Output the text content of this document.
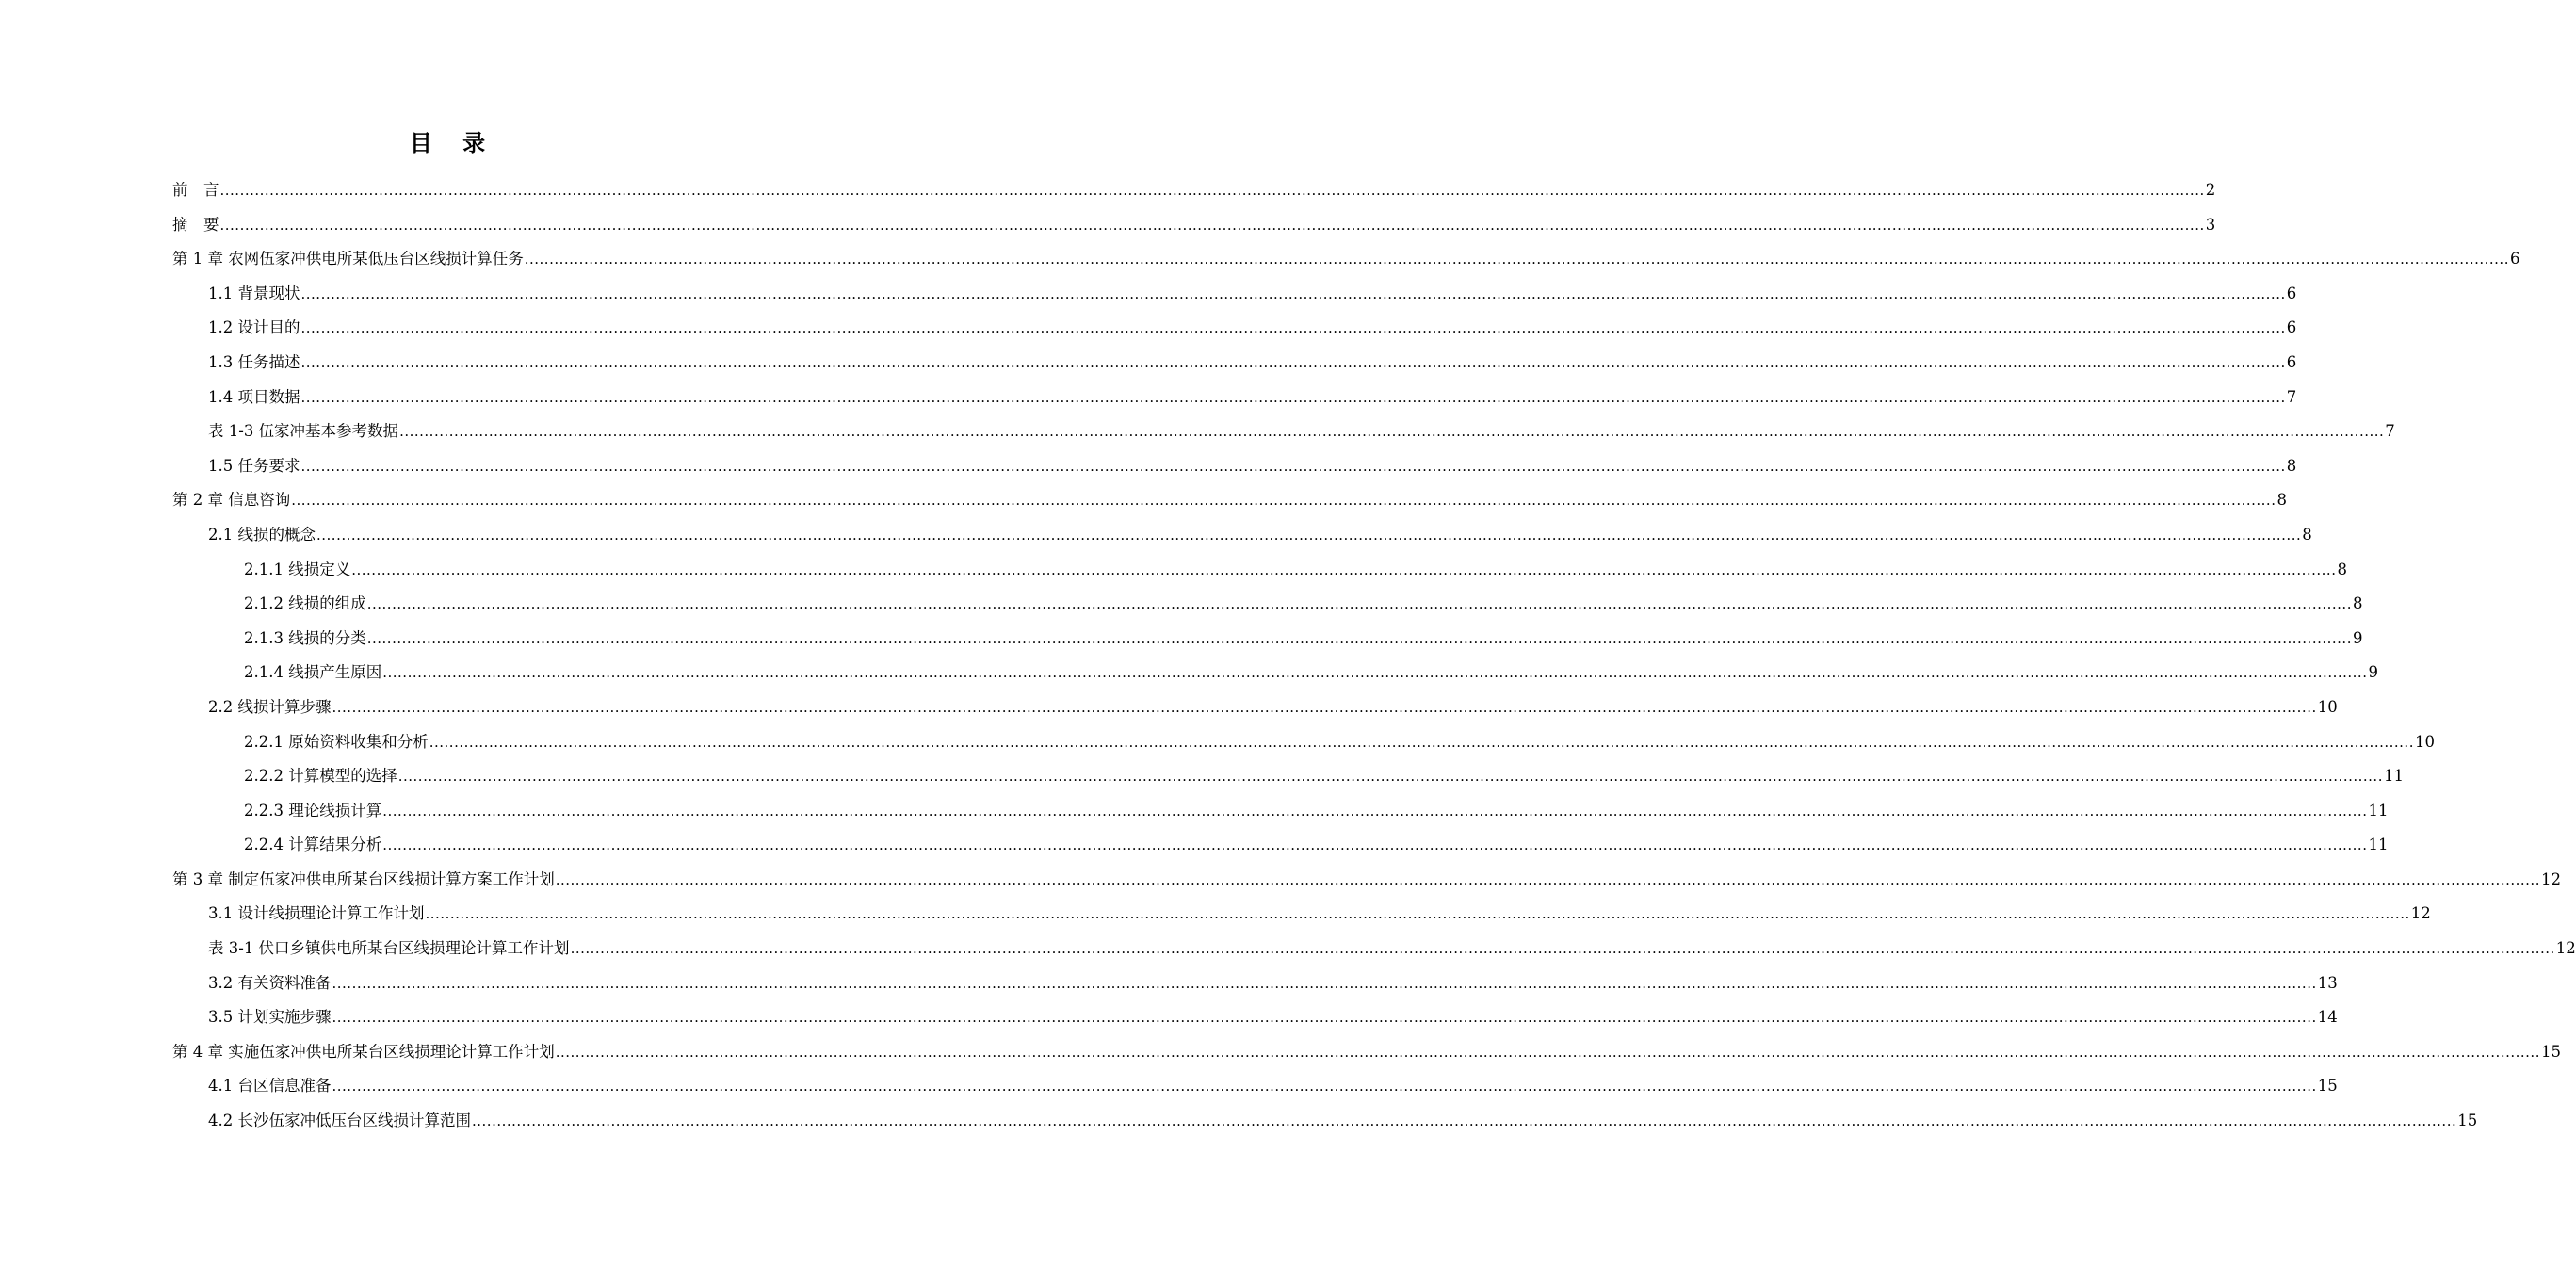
目 录
前　言 ................................................................................................................................................................................................................................................................................................................................................................................................................ 2
摘　要 ................................................................................................................................................................................................................................................................................................................................................................................................................ 3
第 1 章 农网伍家冲供电所某低压台区线损计算任务 ................................................................................................................................................................................................................................................................................................................................................................................................................ 6
1.1 背景现状 ................................................................................................................................................................................................................................................................................................................................................................................................................ 6
1.2 设计目的 ................................................................................................................................................................................................................................................................................................................................................................................................................ 6
1.3 任务描述 ................................................................................................................................................................................................................................................................................................................................................................................................................ 6
1.4 项目数据 ................................................................................................................................................................................................................................................................................................................................................................................................................ 7
表 1-3 伍家冲基本参考数据 ................................................................................................................................................................................................................................................................................................................................................................................................................ 7
1.5 任务要求 ................................................................................................................................................................................................................................................................................................................................................................................................................ 8
第 2 章 信息咨询 ................................................................................................................................................................................................................................................................................................................................................................................................................ 8
2.1 线损的概念 ................................................................................................................................................................................................................................................................................................................................................................................................................ 8
2.1.1 线损定义 ................................................................................................................................................................................................................................................................................................................................................................................................................ 8
2.1.2 线损的组成 ................................................................................................................................................................................................................................................................................................................................................................................................................ 8
2.1.3 线损的分类 ................................................................................................................................................................................................................................................................................................................................................................................................................ 9
2.1.4 线损产生原因 ................................................................................................................................................................................................................................................................................................................................................................................................................ 9
2.2 线损计算步骤 ................................................................................................................................................................................................................................................................................................................................................................................................................ 10
2.2.1 原始资料收集和分析 ................................................................................................................................................................................................................................................................................................................................................................................................................ 10
2.2.2 计算模型的选择 ................................................................................................................................................................................................................................................................................................................................................................................................................ 11
2.2.3 理论线损计算 ................................................................................................................................................................................................................................................................................................................................................................................................................ 11
2.2.4 计算结果分析 ................................................................................................................................................................................................................................................................................................................................................................................................................ 11
第 3 章 制定伍家冲供电所某台区线损计算方案工作计划 ................................................................................................................................................................................................................................................................................................................................................................................................................ 12
3.1 设计线损理论计算工作计划 ................................................................................................................................................................................................................................................................................................................................................................................................................ 12
表 3-1 伏口乡镇供电所某台区线损理论计算工作计划 ................................................................................................................................................................................................................................................................................................................................................................................................................ 12
3.2 有关资料准备 ................................................................................................................................................................................................................................................................................................................................................................................................................ 13
3.5 计划实施步骤 ................................................................................................................................................................................................................................................................................................................................................................................................................ 14
第 4 章 实施伍家冲供电所某台区线损理论计算工作计划 ................................................................................................................................................................................................................................................................................................................................................................................................................ 15
4.1 台区信息准备 ................................................................................................................................................................................................................................................................................................................................................................................................................ 15
4.2 长沙伍家冲低压台区线损计算范围 ................................................................................................................................................................................................................................................................................................................................................................................................................ 15
